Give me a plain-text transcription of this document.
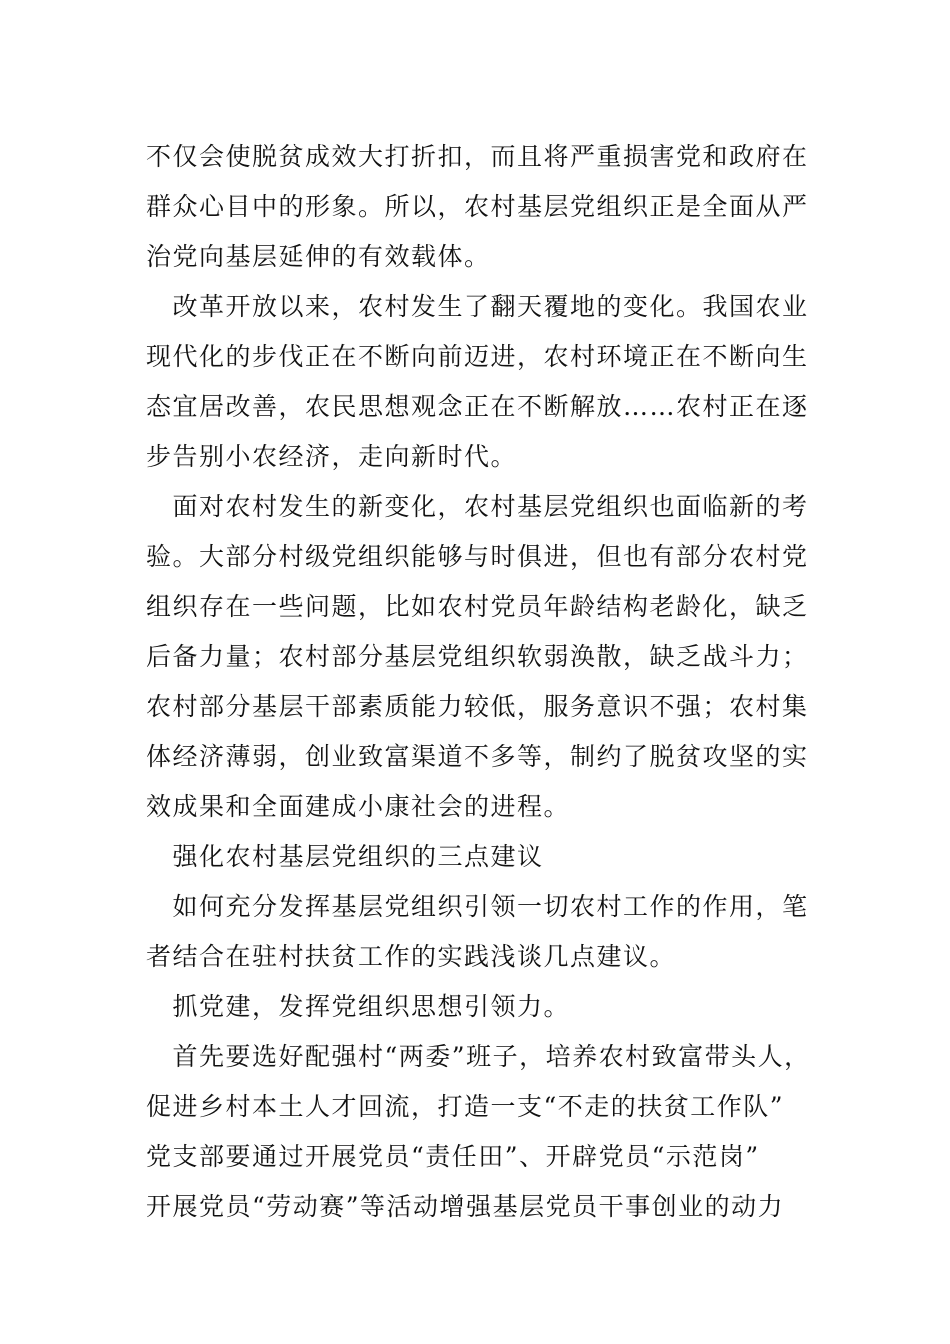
不仅会使脱贫成效大打折扣，而且将严重损害党和政府在
群众心目中的形象。所以，农村基层党组织正是全面从严
治党向基层延伸的有效载体。
　改革开放以来，农村发生了翻天覆地的变化。我国农业
现代化的步伐正在不断向前迈进，农村环境正在不断向生
态宜居改善，农民思想观念正在不断解放……农村正在逐
步告别小农经济，走向新时代。
　面对农村发生的新变化，农村基层党组织也面临新的考
验。大部分村级党组织能够与时俱进，但也有部分农村党
组织存在一些问题，比如农村党员年龄结构老龄化，缺乏
后备力量；农村部分基层党组织软弱涣散，缺乏战斗力；
农村部分基层干部素质能力较低，服务意识不强；农村集
体经济薄弱，创业致富渠道不多等，制约了脱贫攻坚的实
效成果和全面建成小康社会的进程。
　强化农村基层党组织的三点建议
　如何充分发挥基层党组织引领一切农村工作的作用，笔
者结合在驻村扶贫工作的实践浅谈几点建议。
　抓党建，发挥党组织思想引领力。
　首先要选好配强村“两委”班子，培养农村致富带头人，
促进乡村本土人才回流，打造一支“不走的扶贫工作队”
党支部要通过开展党员“责任田”、开辟党员“示范岗”
开展党员“劳动赛”等活动增强基层党员干事创业的动力
